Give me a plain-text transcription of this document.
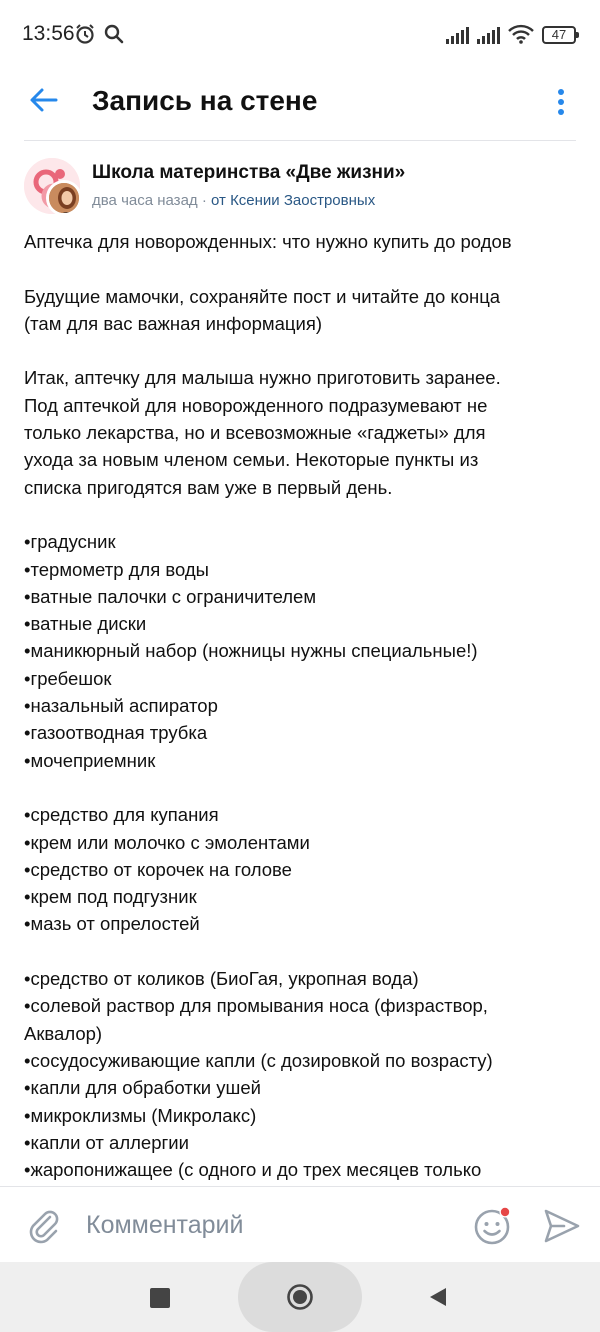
13:56	47
Запись на стене
Школа материнства «Две жизни»
два часа назад · от Ксении Заостровных

Аптечка для новорожденных: что нужно купить до родов

Будущие мамочки, сохраняйте пост и читайте до конца

(там для вас важная информация)

Итак, аптечку для малыша нужно приготовить заранее.

Под аптечкой для новорожденного подразумевают не

только лекарства, но и всевозможные «гаджеты» для

ухода за новым членом семьи. Некоторые пункты из

списка пригодятся вам уже в первый день.

•градусник

•термометр для воды

•ватные палочки с ограничителем

•ватные диски

•маникюрный набор (ножницы нужны специальные!)

•гребешок

•назальный аспиратор

•газоотводная трубка

•мочеприемник

•средство для купания

•крем или молочко с эмолентами

•средство от корочек на голове

•крем под подгузник

•мазь от опрелостей

•средство от коликов (БиоГая, укропная вода)

•солевой раствор для промывания носа (физраствор,

Аквалор)

•сосудосуживающие капли (с дозировкой по возрасту)

•капли для обработки ушей

•микроклизмы (Микролакс)

•капли от аллергии

•жаропонижащее (с одного и до трех месяцев только

Комментарий
